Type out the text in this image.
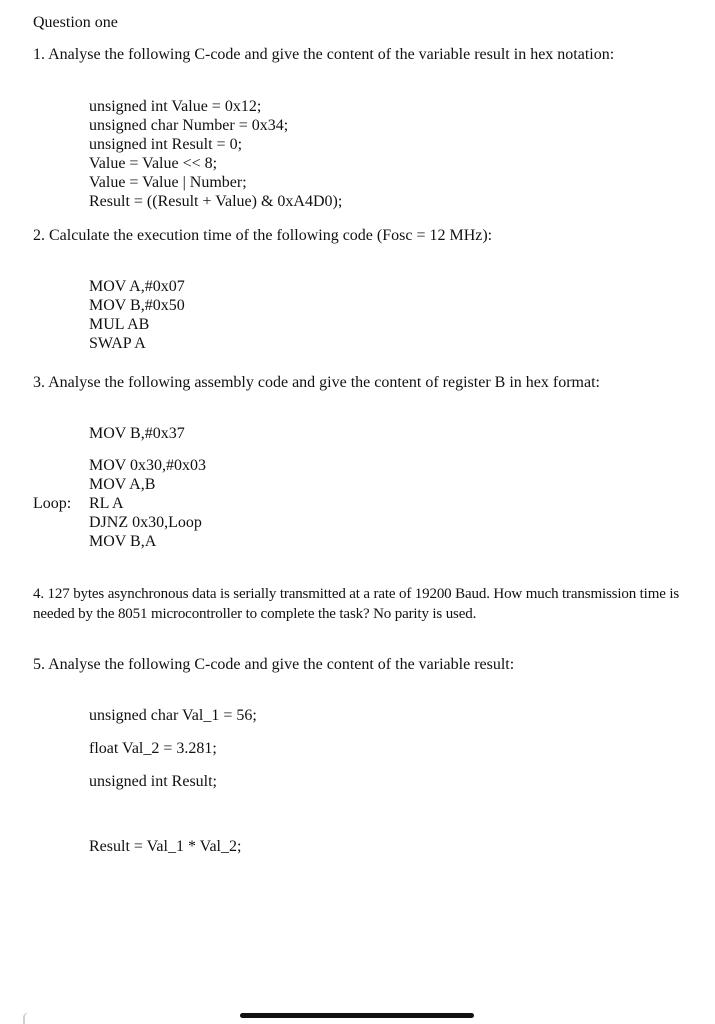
Question one
1. Analyse the following C-code and give the content of the variable result in hex notation:
unsigned int Value = 0x12;
unsigned char Number = 0x34;
unsigned int Result = 0;
Value = Value << 8;
Value = Value | Number;
Result = ((Result + Value) & 0xA4D0);
2. Calculate the execution time of the following code (Fosc = 12 MHz):
MOV A,#0x07
MOV B,#0x50
MUL AB
SWAP A
3. Analyse the following assembly code and give the content of register B in hex format:
MOV B,#0x37
MOV 0x30,#0x03
MOV A,B
Loop: RL A
DJNZ 0x30,Loop
MOV B,A
4. 127 bytes asynchronous data is serially transmitted at a rate of 19200 Baud. How much transmission time is needed by the 8051 microcontroller to complete the task? No parity is used.
5. Analyse the following C-code and give the content of the variable result:
unsigned char Val_1 = 56;
float Val_2 = 3.281;
unsigned int Result;
Result = Val_1 * Val_2;
